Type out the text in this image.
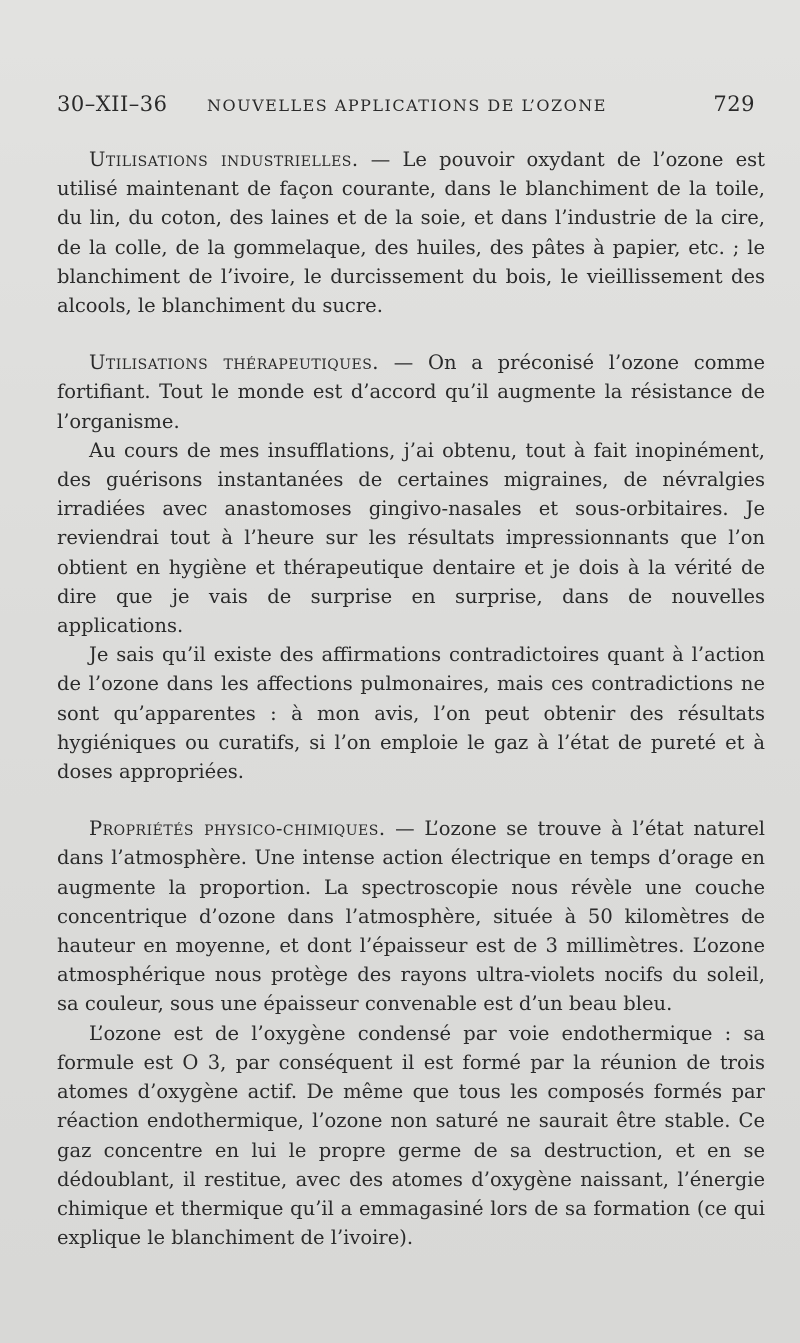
30–XII–36 NOUVELLES APPLICATIONS DE L’OZONE	729

Utilisations industrielles. — Le pouvoir oxydant de l’ozone est utilisé maintenant de façon courante, dans le blanchiment de la toile, du lin, du coton, des laines et de la soie, et dans l’industrie de la cire, de la colle, de la gommelaque, des huiles, des pâtes à papier, etc. ; le blanchiment de l’ivoire, le durcissement du bois, le vieillissement des alcools, le blanchiment du sucre.

Utilisations thérapeutiques. — On a préconisé l’ozone comme fortifiant. Tout le monde est d’accord qu’il augmente la résistance de l’organisme.

Au cours de mes insufflations, j’ai obtenu, tout à fait inopinément, des guérisons instantanées de certaines migraines, de névralgies irradiées avec anastomoses gingivo-nasales et sous-orbitaires. Je reviendrai tout à l’heure sur les résultats impressionnants que l’on obtient en hygiène et thérapeutique dentaire et je dois à la vérité de dire que je vais de surprise en surprise, dans de nouvelles applications.

Je sais qu’il existe des affirmations contradictoires quant à l’action de l’ozone dans les affections pulmonaires, mais ces contradictions ne sont qu’apparentes : à mon avis, l’on peut obtenir des résultats hygiéniques ou curatifs, si l’on emploie le gaz à l’état de pureté et à doses appropriées.

Propriétés physico-chimiques. — L’ozone se trouve à l’état naturel dans l’atmosphère. Une intense action électrique en temps d’orage en augmente la proportion. La spectroscopie nous révèle une couche concentrique d’ozone dans l’atmosphère, située à 50 kilomètres de hauteur en moyenne, et dont l’épaisseur est de 3 millimètres. L’ozone atmosphérique nous protège des rayons ultra-violets nocifs du soleil, sa couleur, sous une épaisseur convenable est d’un beau bleu.

L’ozone est de l’oxygène condensé par voie endothermique : sa formule est O 3, par conséquent il est formé par la réunion de trois atomes d’oxygène actif. De même que tous les composés formés par réaction endothermique, l’ozone non saturé ne saurait être stable. Ce gaz concentre en lui le propre germe de sa destruction, et en se dédoublant, il restitue, avec des atomes d’oxygène naissant, l’énergie chimique et thermique qu’il a emmagasiné lors de sa formation (ce qui explique le blanchiment de l’ivoire).
